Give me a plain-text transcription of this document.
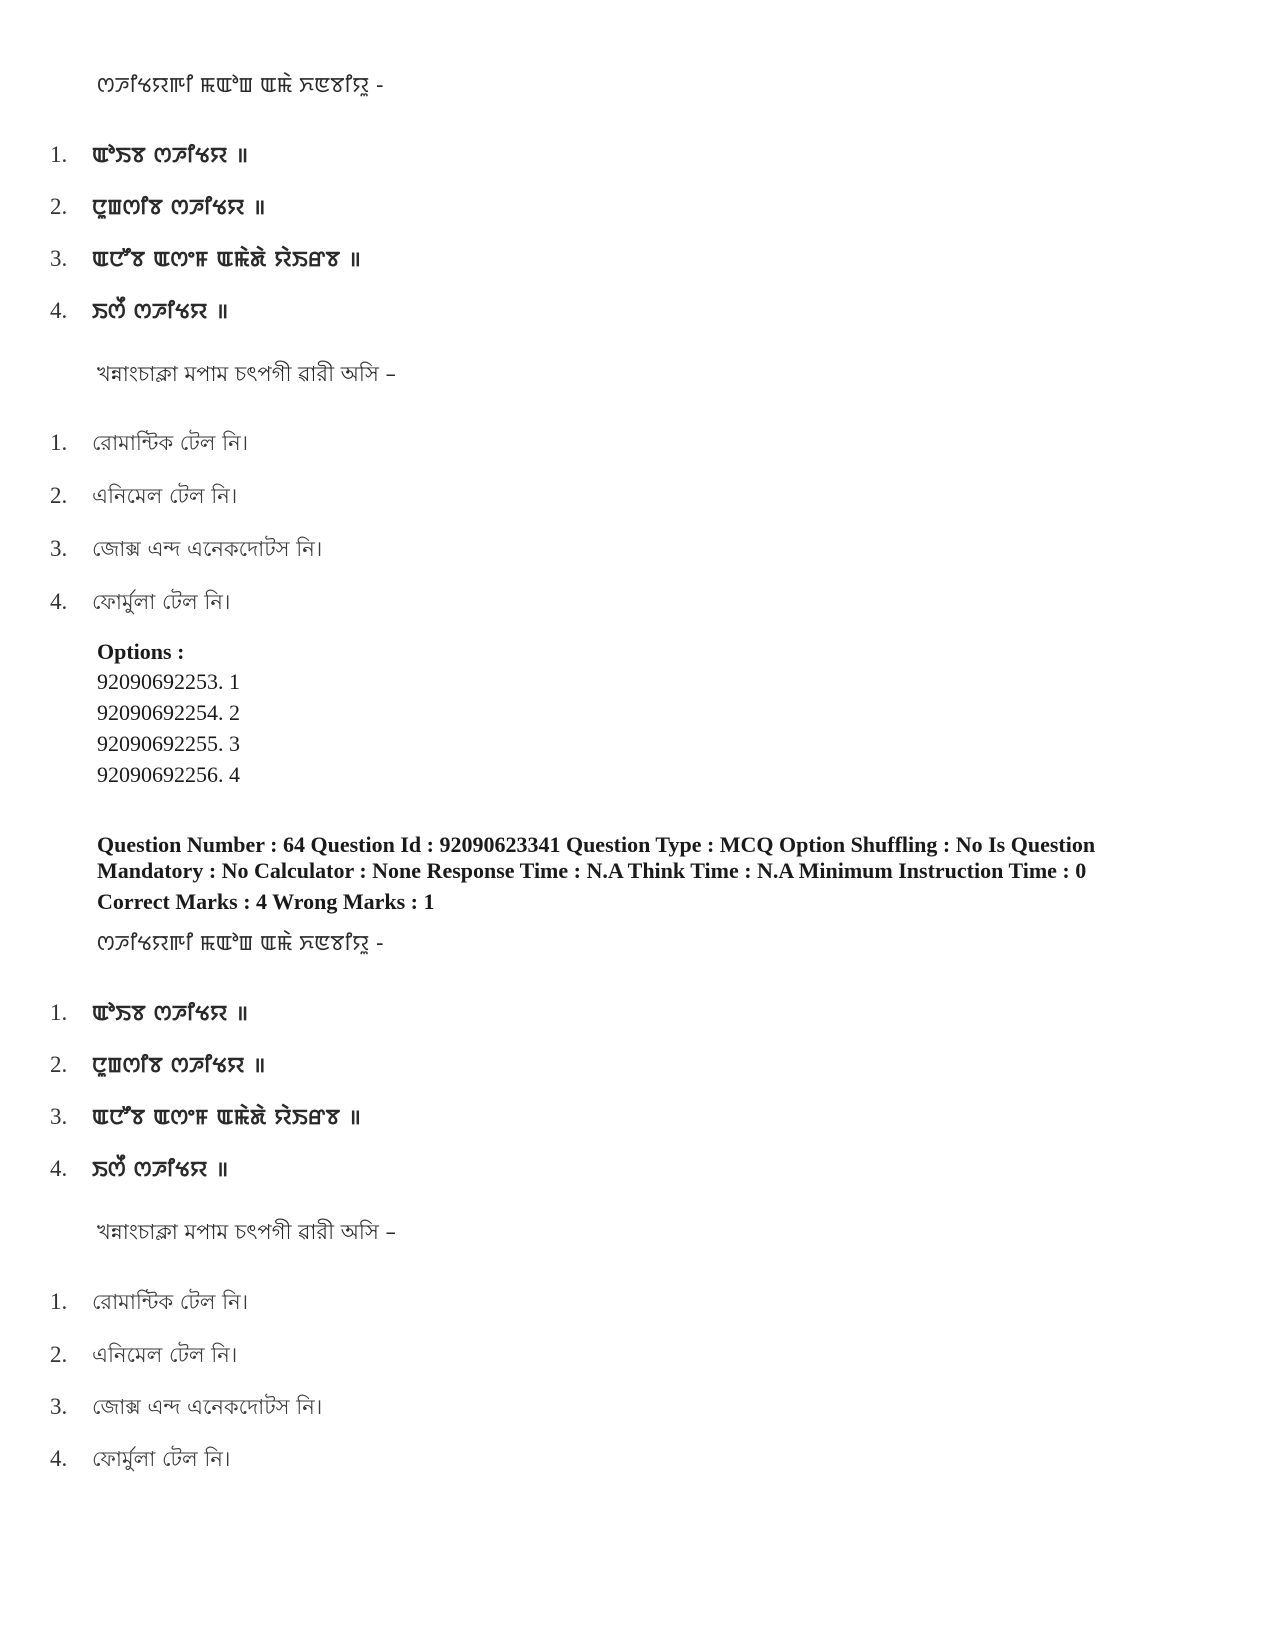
ꯁꯍꯤꯠꯌꯒꯤ ꯃꯑꯣꯡ ꯑꯃꯥ ꯈꯟꯕꯤꯌꯨ -
1. ꯑꯣꯏꯕ ꯁꯍꯤꯠꯌ ॥
2. ꯅꯨꯡꯁꯤꯕ ꯁꯍꯤꯠꯌ ॥
3. ꯑꯅꯧꯕ ꯑꯁꯦꯝ ꯑꯃꯥꯗꯥ ꯌꯥꯏꯔꯕ ॥
4. ꯏꯁꯩ ꯁꯍꯤꯠꯌ ॥
খন্নাংচাক্লা মপাম চৎপগী ৱারী অসি –
1. রোমান্টিক টেল নি।
2. এনিমেল টেল নি।
3. জোক্স এন্দ এনেকদোটস নি।
4. ফোর্মুলা টেল নি।
Options :
92090692253. 1
92090692254. 2
92090692255. 3
92090692256. 4
Question Number : 64 Question Id : 92090623341 Question Type : MCQ Option Shuffling : No Is Question
Mandatory : No Calculator : None Response Time : N.A Think Time : N.A Minimum Instruction Time : 0
Correct Marks : 4 Wrong Marks : 1
ꯁꯍꯤꯠꯌꯒꯤ ꯃꯑꯣꯡ ꯑꯃꯥ ꯈꯟꯕꯤꯌꯨ -
1. ꯑꯣꯏꯕ ꯁꯍꯤꯠꯌ ॥
2. ꯅꯨꯡꯁꯤꯕ ꯁꯍꯤꯠꯌ ॥
3. ꯑꯅꯧꯕ ꯑꯁꯦꯝ ꯑꯃꯥꯗꯥ ꯌꯥꯏꯔꯕ ॥
4. ꯏꯁꯩ ꯁꯍꯤꯠꯌ ॥
খন্নাংচাক্লা মপাম চৎপগী ৱারী অসি –
1. রোমান্টিক টেল নি।
2. এনিমেল টেল নি।
3. জোক্স এন্দ এনেকদোটস নি।
4. ফোর্মুলা টেল নি।
